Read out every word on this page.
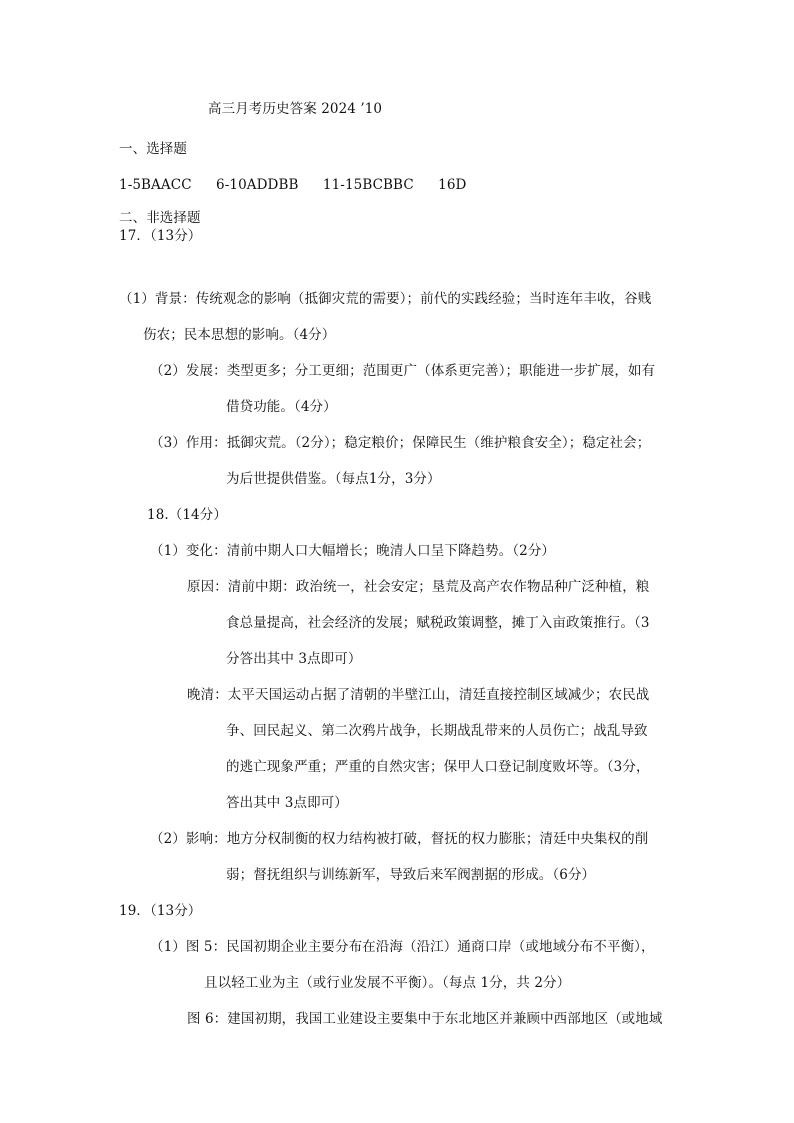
高三月考历史答案 2024 ’10
一、选择题
1-5BAACC 6-10ADDBB 11-15BCBBC 16D
二、非选择题
17．（13分）
（1）背景：传统观念的影响（抵御灾荒的需要）；前代的实践经验；当时连年丰收，谷贱
伤农；民本思想的影响。（4分）
（2）发展：类型更多；分工更细；范围更广（体系更完善）；职能进一步扩展，如有
借贷功能。（4分）
（3）作用：抵御灾荒。（2分）；稳定粮价；保障民生（维护粮食安全）；稳定社会；
为后世提供借鉴。（每点1分，3分）
18.（14分）
（1）变化：清前中期人口大幅增长；晚清人口呈下降趋势。（2分）
原因：清前中期：政治统一，社会安定；垦荒及高产农作物品种广泛种植，粮
食总量提高，社会经济的发展；赋税政策调整，摊丁入亩政策推行。（3
分答出其中 3点即可）
晚清：太平天国运动占据了清朝的半壁江山，清廷直接控制区域减少；农民战
争、回民起义、第二次鸦片战争，长期战乱带来的人员伤亡；战乱导致
的逃亡现象严重；严重的自然灾害；保甲人口登记制度败坏等。（3分，
答出其中 3点即可）
（2）影响：地方分权制衡的权力结构被打破，督抚的权力膨胀；清廷中央集权的削
弱；督抚组织与训练新军，导致后来军阀割据的形成。（6分）
19．（13分）
（1）图 5：民国初期企业主要分布在沿海（沿江）通商口岸（或地域分布不平衡），
且以轻工业为主（或行业发展不平衡）。（每点 1分，共 2分）
图 6：建国初期，我国工业建设主要集中于东北地区并兼顾中西部地区（或地域
